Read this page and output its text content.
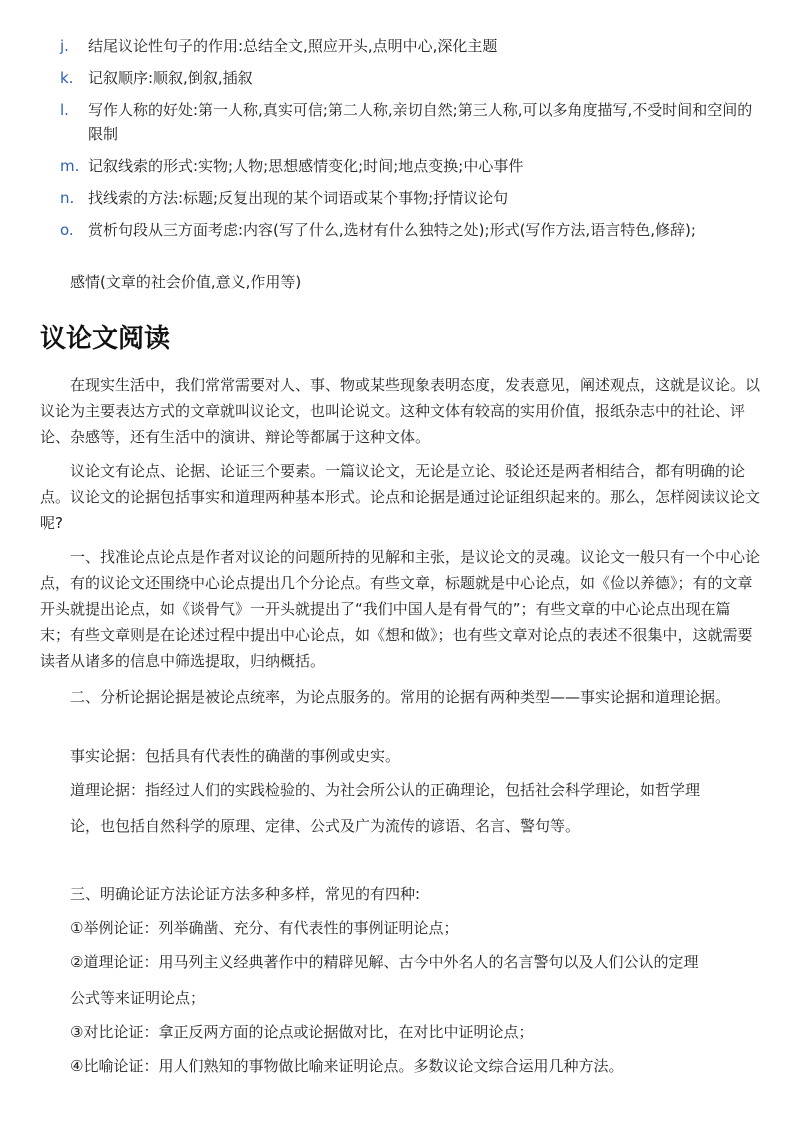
j.	结尾议论性句子的作用:总结全文,照应开头,点明中心,深化主题
k. 记叙顺序:顺叙,倒叙,插叙
l.	写作人称的好处:第一人称,真实可信;第二人称,亲切自然;第三人称,可以多角度描写,不受时间和空间的限制
m. 记叙线索的形式:实物;人物;思想感情变化;时间;地点变换;中心事件
n. 找线索的方法:标题;反复出现的某个词语或某个事物;抒情议论句
o. 赏析句段从三方面考虑:内容(写了什么,选材有什么独特之处);形式(写作方法,语言特色,修辞);
感情(文章的社会价值,意义,作用等)
议论文阅读

在现实生活中，我们常常需要对人、事、物或某些现象表明态度，发表意见，阐述观点，这就是议论。以议论为主要表达方式的文章就叫议论文，也叫论说文。这种文体有较高的实用价值，报纸杂志中的社论、评论、杂感等，还有生活中的演讲、辩论等都属于这种文体。

议论文有论点、论据、论证三个要素。一篇议论文，无论是立论、驳论还是两者相结合，都有明确的论点。议论文的论据包括事实和道理两种基本形式。论点和论据是通过论证组织起来的。那么，怎样阅读议论文呢?

一、找准论点论点是作者对议论的问题所持的见解和主张，是议论文的灵魂。议论文一般只有一个中心论点，有的议论文还围绕中心论点提出几个分论点。有些文章，标题就是中心论点，如《俭以养德》；有的文章开头就提出论点，如《谈骨气》一开头就提出了“我们中国人是有骨气的”；有些文章的中心论点出现在篇末；有些文章则是在论述过程中提出中心论点，如《想和做》；也有些文章对论点的表述不很集中，这就需要读者从诸多的信息中筛选提取，归纳概括。

二、分析论据论据是被论点统率，为论点服务的。常用的论据有两种类型——事实论据和道理论据。

事实论据：包括具有代表性的确凿的事例或史实。

道理论据：指经过人们的实践检验的、为社会所公认的正确理论，包括社会科学理论，如哲学理

论，也包括自然科学的原理、定律、公式及广为流传的谚语、名言、警句等。

三、明确论证方法论证方法多种多样，常见的有四种:

①举例论证：列举确凿、充分、有代表性的事例证明论点；

②道理论证：用马列主义经典著作中的精辟见解、古今中外名人的名言警句以及人们公认的定理

公式等来证明论点；

③对比论证：拿正反两方面的论点或论据做对比，在对比中证明论点；

④比喻论证：用人们熟知的事物做比喻来证明论点。多数议论文综合运用几种方法。
